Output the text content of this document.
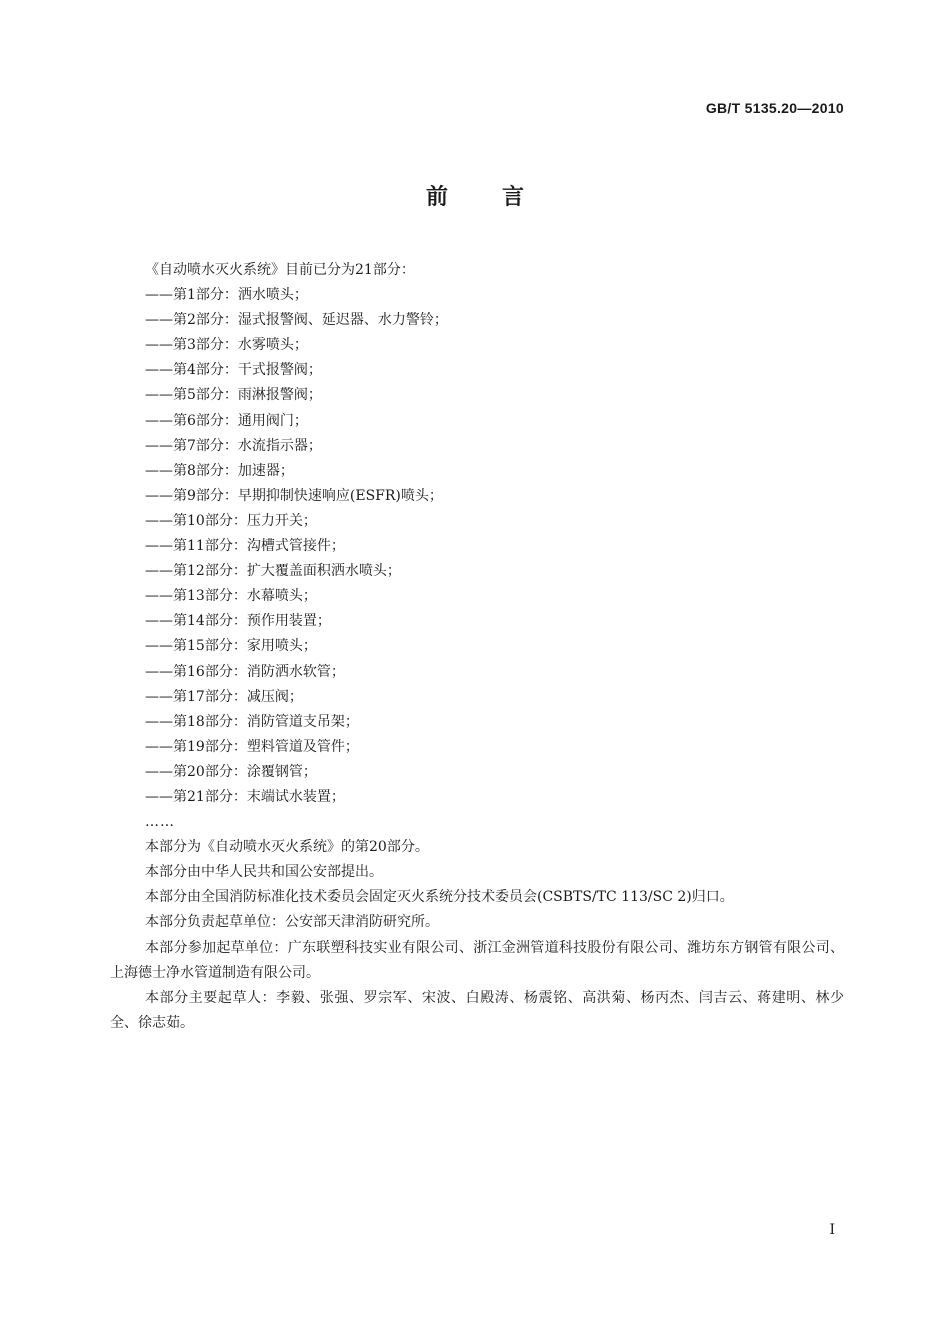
GB/T 5135.20—2010
前言

《自动喷水灭火系统》目前已分为21部分：

——第1部分：洒水喷头；

——第2部分：湿式报警阀、延迟器、水力警铃；

——第3部分：水雾喷头；

——第4部分：干式报警阀；

——第5部分：雨淋报警阀；

——第6部分：通用阀门；

——第7部分：水流指示器；

——第8部分：加速器；

——第9部分：早期抑制快速响应(ESFR)喷头；

——第10部分：压力开关；

——第11部分：沟槽式管接件；

——第12部分：扩大覆盖面积洒水喷头；

——第13部分：水幕喷头；

——第14部分：预作用装置；

——第15部分：家用喷头；

——第16部分：消防洒水软管；

——第17部分：减压阀；

——第18部分：消防管道支吊架；

——第19部分：塑料管道及管件；

——第20部分：涂覆钢管；

——第21部分：末端试水装置；

……

本部分为《自动喷水灭火系统》的第20部分。

本部分由中华人民共和国公安部提出。

本部分由全国消防标准化技术委员会固定灭火系统分技术委员会(CSBTS/TC 113/SC 2)归口。

本部分负责起草单位：公安部天津消防研究所。

本部分参加起草单位：广东联塑科技实业有限公司、浙江金洲管道科技股份有限公司、潍坊东方钢管有限公司、上海德士净水管道制造有限公司。

本部分主要起草人：李毅、张强、罗宗军、宋波、白殿涛、杨震铭、高洪菊、杨丙杰、闫吉云、蒋建明、林少全、徐志茹。

I
